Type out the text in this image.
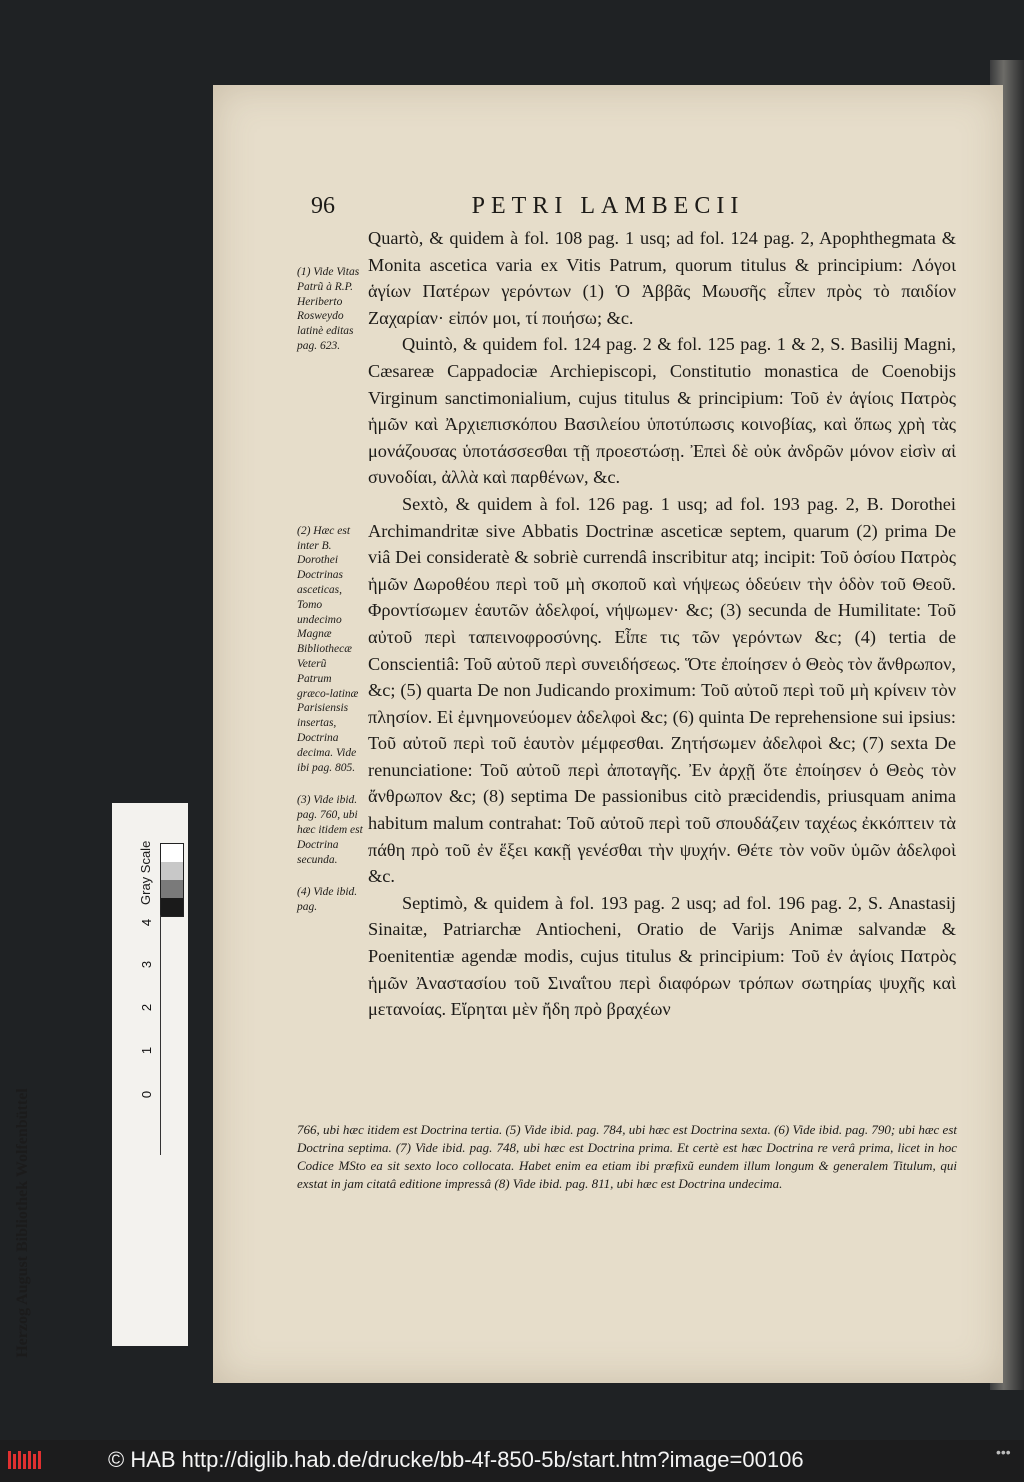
96	PETRI LAMBECII

Quartò, & quidem à fol. 108 pag. 1 usq; ad fol. 124 pag. 2, Apophthegmata & Monita ascetica varia ex Vitis Patrum, quorum titulus & principium: Λόγοι ἁγίων Πατέρων γερόντων (1) Ὁ Ἀββᾶς Μωυσῆς εἶπεν πρὸς τὸ παιδίον Ζαχαρίαν· εἰπόν μοι, τί ποιήσω; &c.

Quintò, & quidem fol. 124 pag. 2 & fol. 125 pag. 1 & 2, S. Basilij Magni, Cæsareæ Cappadociæ Archiepiscopi, Constitutio monastica de Coenobijs Virginum sanctimonialium, cujus titulus & principium: Τοῦ ἐν ἁγίοις Πατρὸς ἡμῶν καὶ Ἀρχιεπισκόπου Βασιλείου ὑποτύπωσις κοινοβίας, καὶ ὅπως χρὴ τὰς μονάζουσας ὑποτάσσεσθαι τῇ προεστώσῃ. Ἐπεὶ δὲ οὐκ ἀνδρῶν μόνον εἰσὶν αἱ συνοδίαι, ἀλλὰ καὶ παρθένων, &c.

Sextò, & quidem à fol. 126 pag. 1 usq; ad fol. 193 pag. 2, B. Dorothei Archimandritæ sive Abbatis Doctrinæ asceticæ septem, quarum (2) prima De viâ Dei consideratè & sobriè currendâ inscribitur atq; incipit: Τοῦ ὁσίου Πατρὸς ἡμῶν Δωροθέου περὶ τοῦ μὴ σκοποῦ καὶ νήψεως ὁδεύειν τὴν ὁδὸν τοῦ Θεοῦ. Φροντίσωμεν ἑαυτῶν ἀδελφοί, νήψωμεν· &c; (3) secunda de Humilitate: Τοῦ αὐτοῦ περὶ ταπεινοφροσύνης. Εἶπε τις τῶν γερόντων &c; (4) tertia de Conscientiâ: Τοῦ αὐτοῦ περὶ συνειδήσεως. Ὅτε ἐποίησεν ὁ Θεὸς τὸν ἄνθρωπον, &c; (5) quarta De non Judicando proximum: Τοῦ αὐτοῦ περὶ τοῦ μὴ κρίνειν τὸν πλησίον. Εἰ ἐμνημονεύομεν ἀδελφοὶ &c; (6) quinta De reprehensione sui ipsius: Τοῦ αὐτοῦ περὶ τοῦ ἑαυτὸν μέμφεσθαι. Ζητήσωμεν ἀδελφοὶ &c; (7) sexta De renunciatione: Τοῦ αὐτοῦ περὶ ἀποταγῆς. Ἐν ἀρχῇ ὅτε ἐποίησεν ὁ Θεὸς τὸν ἄνθρωπον &c; (8) septima De passionibus citò præcidendis, priusquam anima habitum malum contrahat: Τοῦ αὐτοῦ περὶ τοῦ σπουδάζειν ταχέως ἐκκόπτειν τὰ πάθη πρὸ τοῦ ἐν ἕξει κακῇ γενέσθαι τὴν ψυχήν. Θέτε τὸν νοῦν ὑμῶν ἀδελφοὶ &c.

Septimò, & quidem à fol. 193 pag. 2 usq; ad fol. 196 pag. 2, S. Anastasij Sinaitæ, Patriarchæ Antiocheni, Oratio de Varijs Animæ salvandæ & Poenitentiæ agendæ modis, cujus titulus & principium: Τοῦ ἐν ἁγίοις Πατρὸς ἡμῶν Ἀναστασίου τοῦ Σιναΐτου περὶ διαφόρων τρόπων σωτηρίας ψυχῆς καὶ μετανοίας. Εἴρηται μὲν ἤδη πρὸ βραχέων

(1) Vide Vitas Patrũ à R.P. Heriberto Rosweydo latinè editas pag. 623.
(2) Hæc est inter B. Dorothei Doctrinas asceticas, Tomo undecimo Magnæ Bibliothecæ Veterũ Patrum græco-latinæ Parisiensis insertas, Doctrina decima. Vide ibi pag. 805.
(3) Vide ibid. pag. 760, ubi hæc itidem est Doctrina secunda.
(4) Vide ibid. pag.
766, ubi hæc itidem est Doctrina tertia. (5) Vide ibid. pag. 784, ubi hæc est Doctrina sexta. (6) Vide ibid. pag. 790; ubi hæc est Doctrina septima. (7) Vide ibid. pag. 748, ubi hæc est Doctrina prima. Et certè est hæc Doctrina re verâ prima, licet in hoc Codice MSto ea sit sexto loco collocata. Habet enim ea etiam ibi præfixũ eundem illum longum & generalem Titulum, qui exstat in jam citatâ editione impressâ (8) Vide ibid. pag. 811, ubi hæc est Doctrina undecima.
Herzog August Bibliothek Wolfenbüttel
Gray Scale
4
3
2
1
0
© HAB http://diglib.hab.de/drucke/bb-4f-850-5b/start.htm?image=00106	•••
